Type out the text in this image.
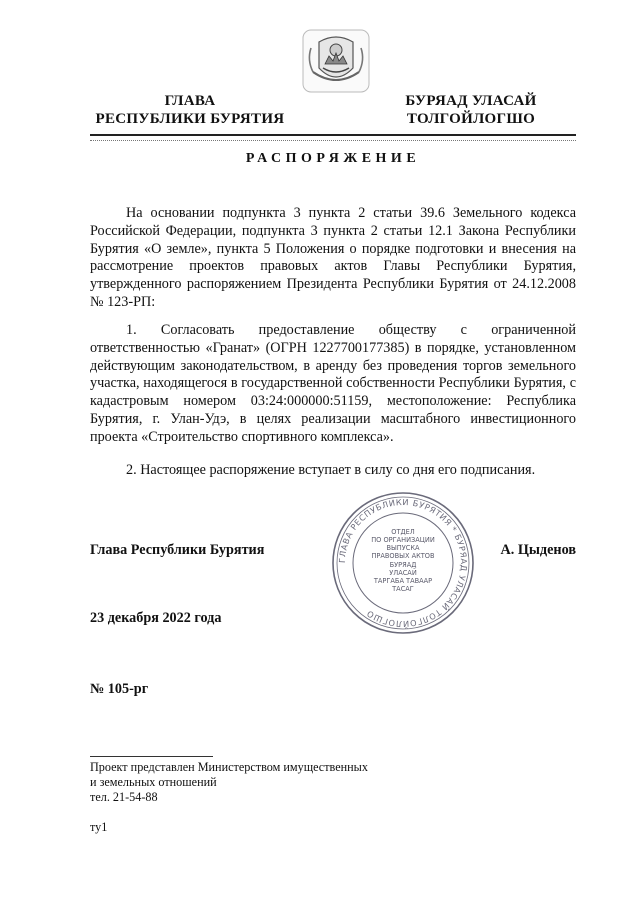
ГЛАВА
РЕСПУБЛИКИ БУРЯТИЯ
БУРЯАД УЛАСАЙ
ТОЛГОЙЛОГШО
РАСПОРЯЖЕНИЕ
На основании подпункта 3 пункта 2 статьи 39.6 Земельного кодекса Российской Федерации, подпункта 3 пункта 2 статьи 12.1 Закона Республики Бурятия «О земле», пункта 5 Положения о порядке подготовки и внесения на рассмотрение проектов правовых актов Главы Республики Бурятия, утвержденного распоряжением Президента Республики Бурятия от 24.12.2008 № 123-РП:
1. Согласовать предоставление обществу с ограниченной ответственностью «Гранат» (ОГРН 1227700177385) в порядке, установленном действующим законодательством, в аренду без проведения торгов земельного участка, находящегося в государственной собственности Республики Бурятия, с кадастровым номером 03:24:000000:51159, местоположение: Республика Бурятия, г. Улан-Удэ, в целях реализации масштабного инвестиционного проекта «Строительство спортивного комплекса».
2. Настоящее распоряжение вступает в силу со дня его подписания.
ГЛАВА РЕСПУБЛИКИ БУРЯТИЯ * БУРЯАД УЛАСАЙ ТОЛГОЙЛОГШО
ОТДЕЛ
ПО ОРГАНИЗАЦИИ
ВЫПУСКА
ПРАВОВЫХ АКТОВ
БУРЯАД
УЛАСАЙ
ТАРГАБА ТАВААР
ТАСАГ
Глава Республики Бурятия	А. Цыденов
23 декабря 2022 года
№ 105-рг
Проект представлен Министерством имущественных
и земельных отношений
тел. 21-54-88
ту1
